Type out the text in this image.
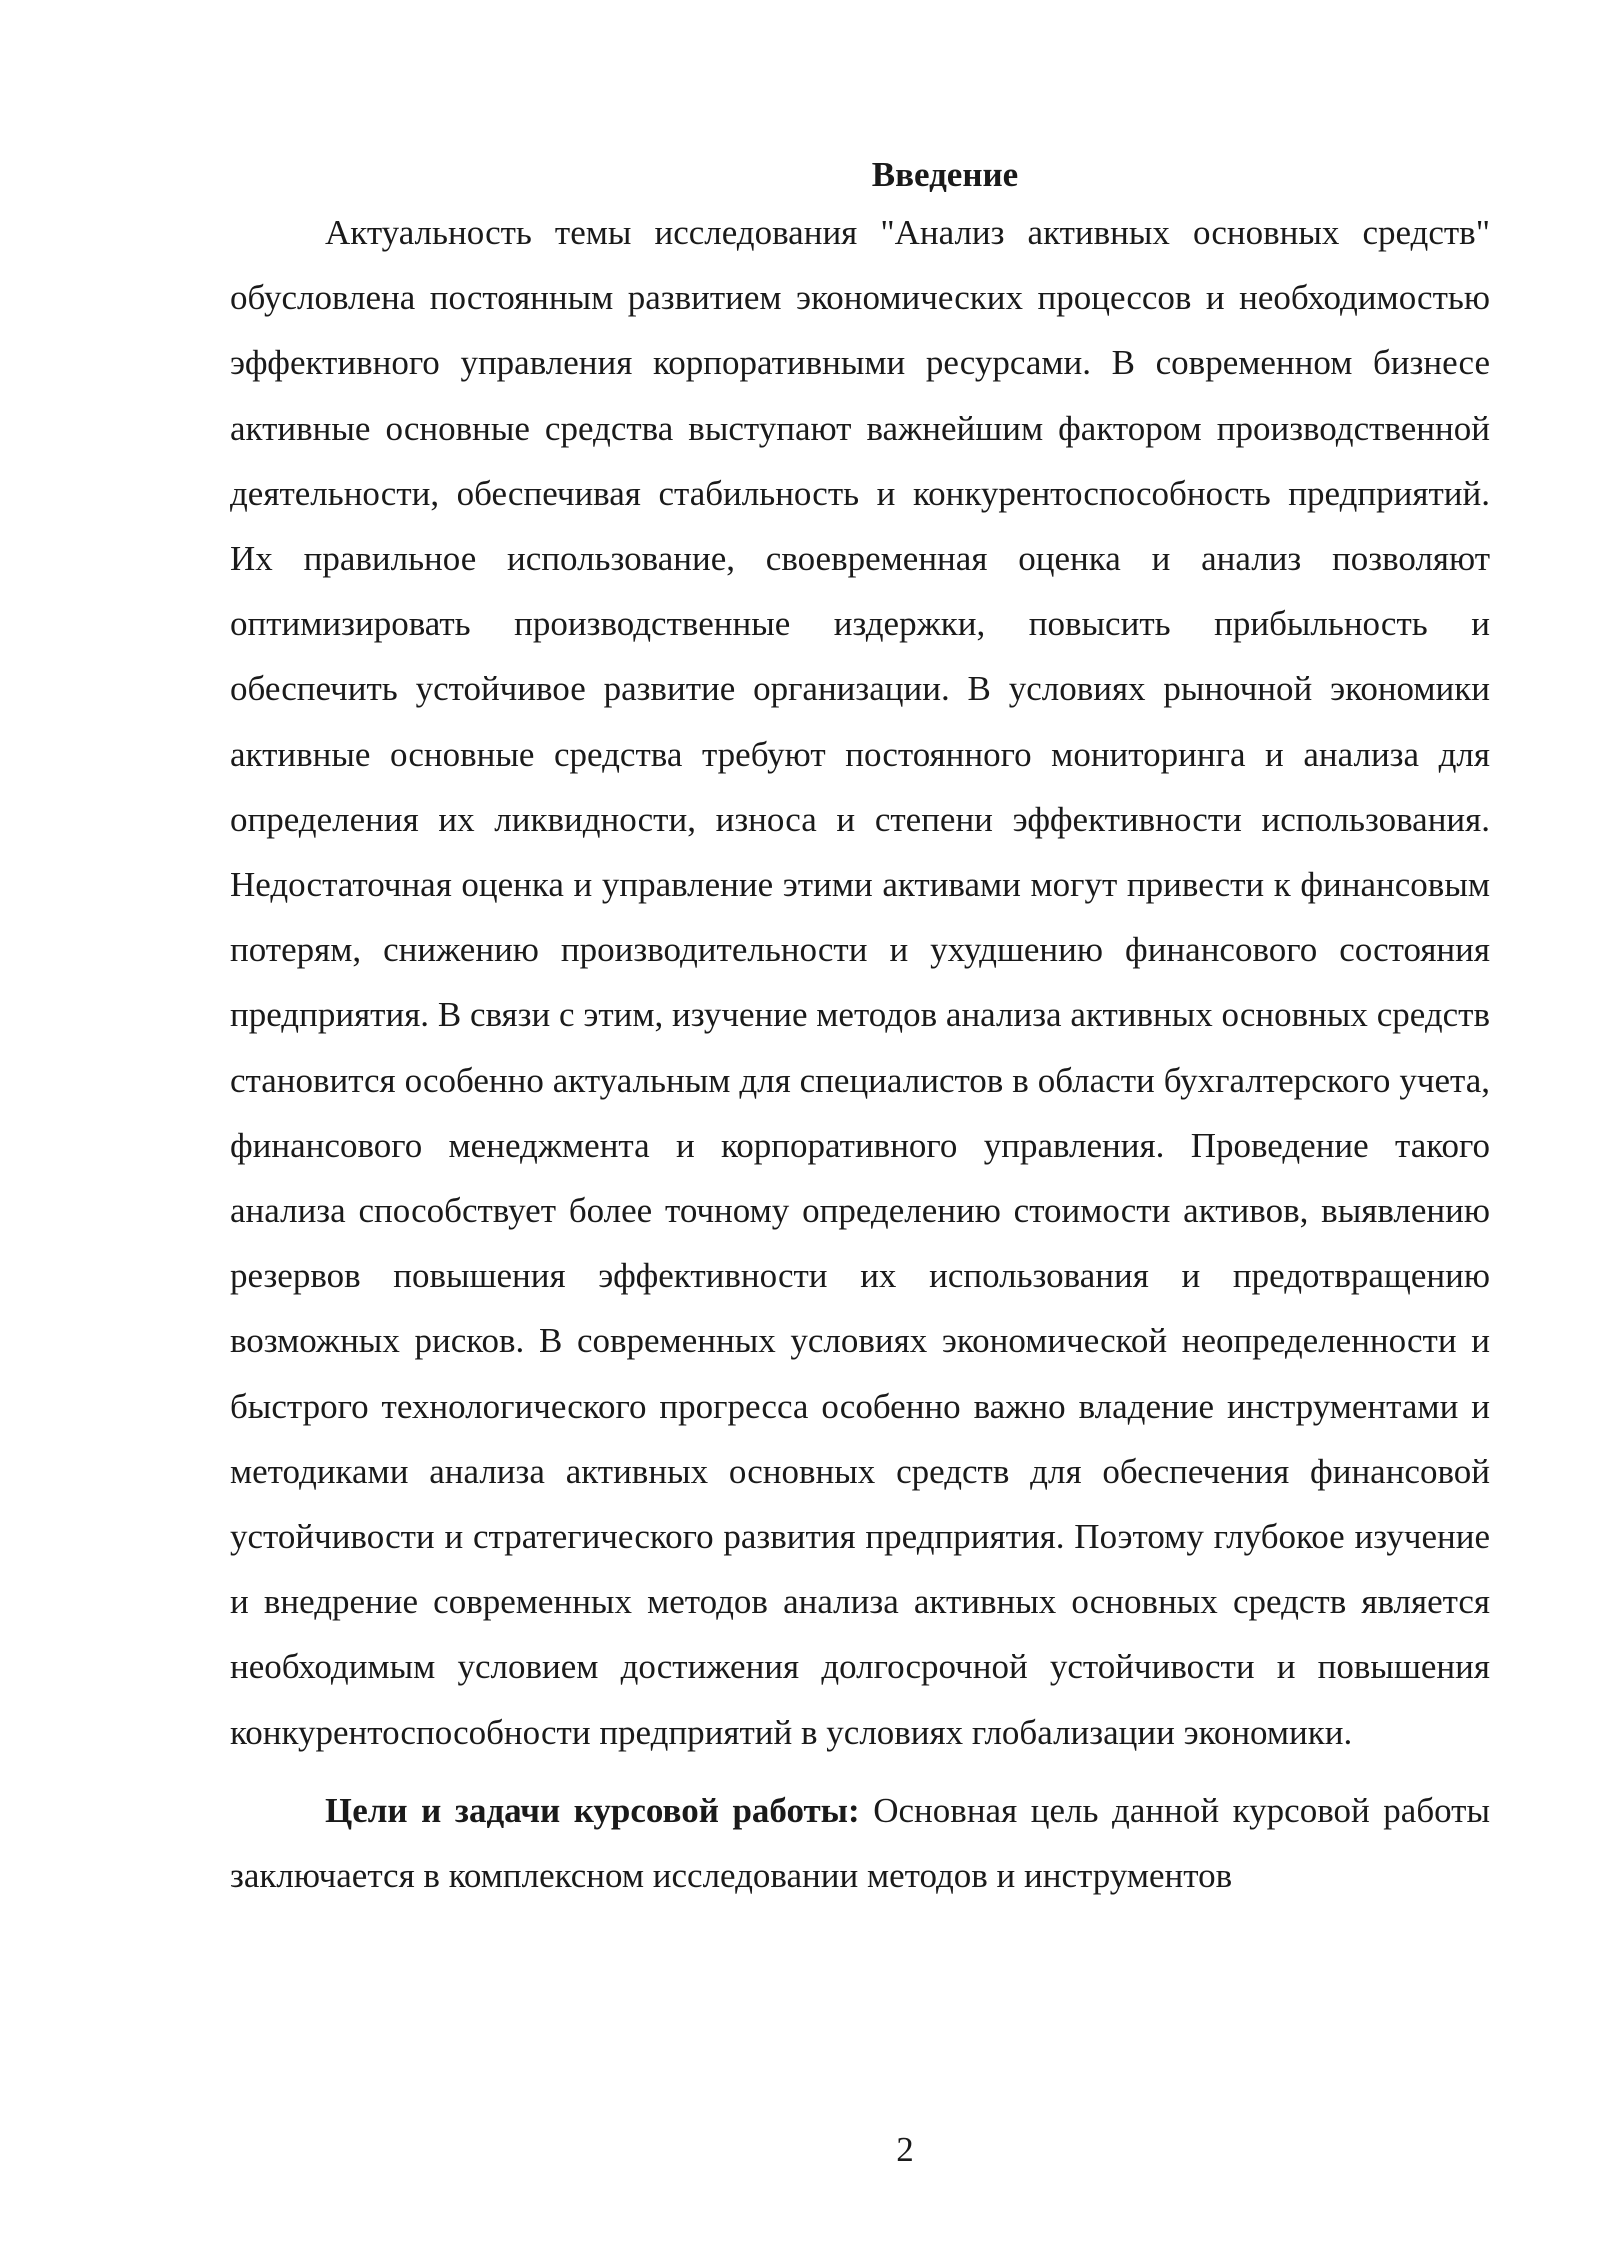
Введение

Актуальность темы исследования "Анализ активных основных средств" обусловлена постоянным развитием экономических процессов и необходимостью эффективного управления корпоративными ресурсами. В современном бизнесе активные основные средства выступают важнейшим фактором производственной деятельности, обеспечивая стабильность и конкурентоспособность предприятий. Их правильное использование, своевременная оценка и анализ позволяют оптимизировать производственные издержки, повысить прибыльность и обеспечить устойчивое развитие организации. В условиях рыночной экономики активные основные средства требуют постоянного мониторинга и анализа для определения их ликвидности, износа и степени эффективности использования. Недостаточная оценка и управление этими активами могут привести к финансовым потерям, снижению производительности и ухудшению финансового состояния предприятия. В связи с этим, изучение методов анализа активных основных средств становится особенно актуальным для специалистов в области бухгалтерского учета, финансового менеджмента и корпоративного управления. Проведение такого анализа способствует более точному определению стоимости активов, выявлению резервов повышения эффективности их использования и предотвращению возможных рисков. В современных условиях экономической неопределенности и быстрого технологического прогресса особенно важно владение инструментами и методиками анализа активных основных средств для обеспечения финансовой устойчивости и стратегического развития предприятия. Поэтому глубокое изучение и внедрение современных методов анализа активных основных средств является необходимым условием достижения долгосрочной устойчивости и повышения конкурентоспособности предприятий в условиях глобализации экономики.

Цели и задачи курсовой работы: Основная цель данной курсовой работы заключается в комплексном исследовании методов и инструментов

2
